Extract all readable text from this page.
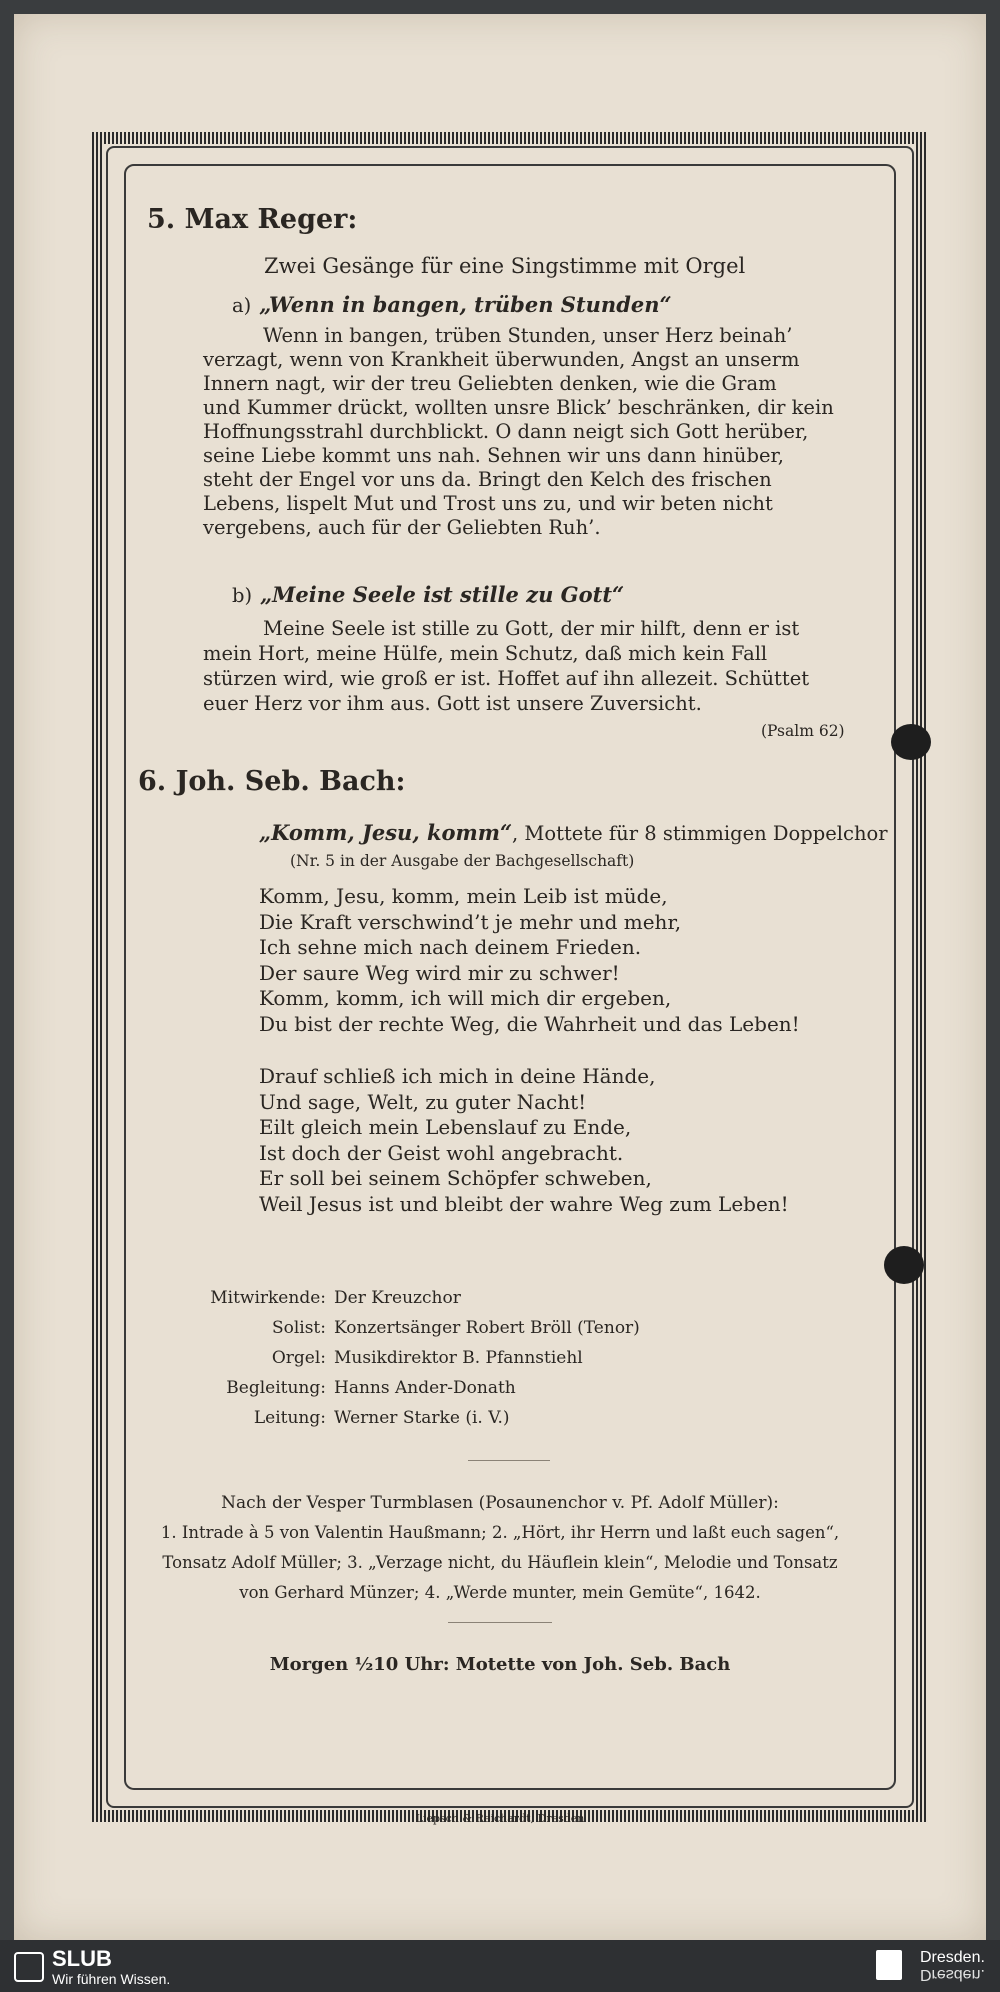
5. Max Reger:
Zwei Gesänge für eine Singstimme mit Orgel
a) „Wenn in bangen, trüben Stunden“
Wenn in bangen, trüben Stunden, unser Herz beinah’
verzagt, wenn von Krankheit überwunden, Angst an unserm
Innern nagt, wir der treu Geliebten denken, wie die Gram
und Kummer drückt, wollten unsre Blick’ beschränken, dir kein
Hoffnungsstrahl durchblickt. O dann neigt sich Gott herüber,
seine Liebe kommt uns nah. Sehnen wir uns dann hinüber,
steht der Engel vor uns da. Bringt den Kelch des frischen
Lebens, lispelt Mut und Trost uns zu, und wir beten nicht
vergebens, auch für der Geliebten Ruh’.
b) „Meine Seele ist stille zu Gott“
Meine Seele ist stille zu Gott, der mir hilft, denn er ist
mein Hort, meine Hülfe, mein Schutz, daß mich kein Fall
stürzen wird, wie groß er ist. Hoffet auf ihn allezeit. Schüttet
euer Herz vor ihm aus. Gott ist unsere Zuversicht.
(Psalm 62)
6. Joh. Seb. Bach:
„Komm, Jesu, komm“, Mottete für 8 stimmigen Doppelchor
(Nr. 5 in der Ausgabe der Bachgesellschaft)
Komm, Jesu, komm, mein Leib ist müde,
Die Kraft verschwind’t je mehr und mehr,
Ich sehne mich nach deinem Frieden.
Der saure Weg wird mir zu schwer!
Komm, komm, ich will mich dir ergeben,
Du bist der rechte Weg, die Wahrheit und das Leben!
Drauf schließ ich mich in deine Hände,
Und sage, Welt, zu guter Nacht!
Eilt gleich mein Lebenslauf zu Ende,
Ist doch der Geist wohl angebracht.
Er soll bei seinem Schöpfer schweben,
Weil Jesus ist und bleibt der wahre Weg zum Leben!
Mitwirkende: Der Kreuzchor
Solist: Konzertsänger Robert Bröll (Tenor)
Orgel: Musikdirektor B. Pfannstiehl
Begleitung: Hanns Ander-Donath
Leitung: Werner Starke (i. V.)
Nach der Vesper Turmblasen (Posaunenchor v. Pf. Adolf Müller):
1. Intrade à 5 von Valentin Haußmann; 2. „Hört, ihr Herrn und laßt euch sagen“,
Tonsatz Adolf Müller; 3. „Verzage nicht, du Häuflein klein“, Melodie und Tonsatz
von Gerhard Münzer; 4. „Werde munter, mein Gemüte“, 1642.
Morgen ½10 Uhr: Motette von Joh. Seb. Bach
Liepsch & Reichardt, Dresden
SLUB
Wir führen Wissen.
Dresden.
Dresden.
